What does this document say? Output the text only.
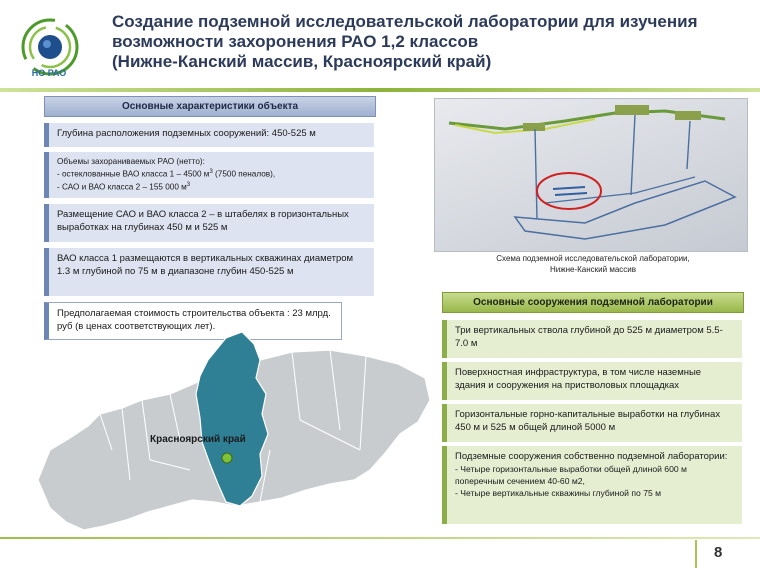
НО РАО
Создание подземной исследовательской лаборатории для изучения
возможности захоронения РАО 1,2 классов
(Нижне-Канский массив, Красноярский край)
Основные характеристики объекта
Глубина расположения подземных сооружений: 450-525 м
Объемы захораниваемых РАО (нетто):
- остеклованные ВАО класса 1 – 4500 $м^3$ (7500 пеналов),
- САО и ВАО класса 2 – 155 000 $м^3$
Размещение САО и ВАО класса 2 – в штабелях в горизонтальных выработках на глубинах 450 м и 525 м
ВАО класса 1 размещаются в вертикальных скважинах диаметром 1.3 м глубиной по 75 м в диапазоне глубин 450-525 м
Предполагаемая стоимость строительства объекта : 23 млрд. руб (в ценах соответствующих лет).
Красноярский край
Схема подземной исследовательской лаборатории,
Нижне-Канский массив
Основные сооружения подземной лаборатории
Три вертикальных ствола глубиной до 525 м диаметром 5.5-7.0 м
Поверхностная инфраструктура, в том числе наземные здания и сооружения на пристволовых площадках
Горизонтальные горно-капитальные выработки на глубинах 450 м и 525 м общей длиной 5000 м
Подземные сооружения собственно подземной лаборатории:
- Четыре горизонтальные выработки общей длиной 600 м поперечным сечением 40-60 м2,
- Четыре вертикальные скважины глубиной по 75 м
8
